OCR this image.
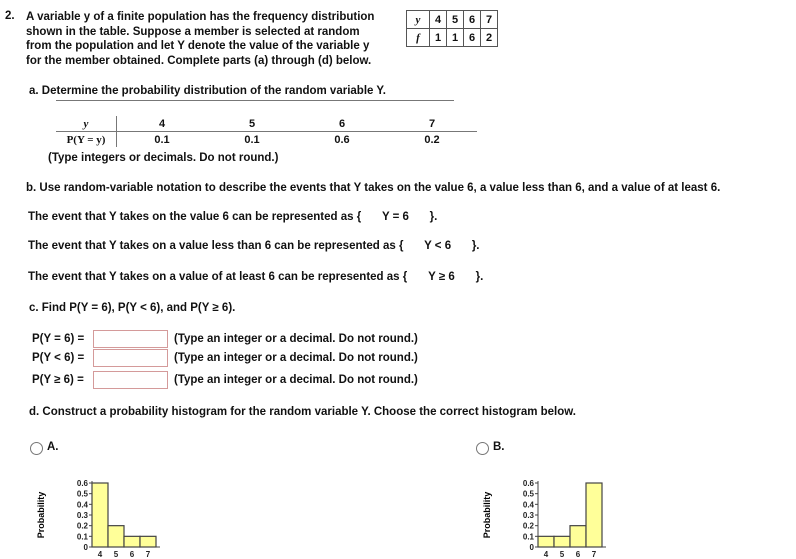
2. A variable y of a finite population has the frequency distribution
shown in the table. Suppose a member is selected at random
from the population and let Y denote the value of the variable y
for the member obtained. Complete parts (a) through (d) below.
y	4	5	6	7
f	1	1	6	2
a. Determine the probability distribution of the random variable Y.
y	4	5	6	7
P(Y = y)	0.1	0.1	0.6	0.2
(Type integers or decimals. Do not round.)
b. Use random-variable notation to describe the events that Y takes on the value 6, a value less than 6, and a value of at least 6.
The event that Y takes on the value 6 can be represented as { Y = 6 }.
The event that Y takes on a value less than 6 can be represented as { Y < 6 }.
The event that Y takes on a value of at least 6 can be represented as { Y ≥ 6 }.
c. Find P(Y = 6), P(Y < 6), and P(Y ≥ 6).
P(Y = 6) =	(Type an integer or a decimal. Do not round.)
P(Y < 6) =	(Type an integer or a decimal. Do not round.)
P(Y ≥ 6) =	(Type an integer or a decimal. Do not round.)
d. Construct a probability histogram for the random variable Y. Choose the correct histogram below.
A.	B.
Probability
0
0.1
0.2
0.3
0.4
0.5
0.6
4 5 6 7
Probability
0
0.1
0.2
0.3
0.4
0.5
0.6
4 5 6 7
